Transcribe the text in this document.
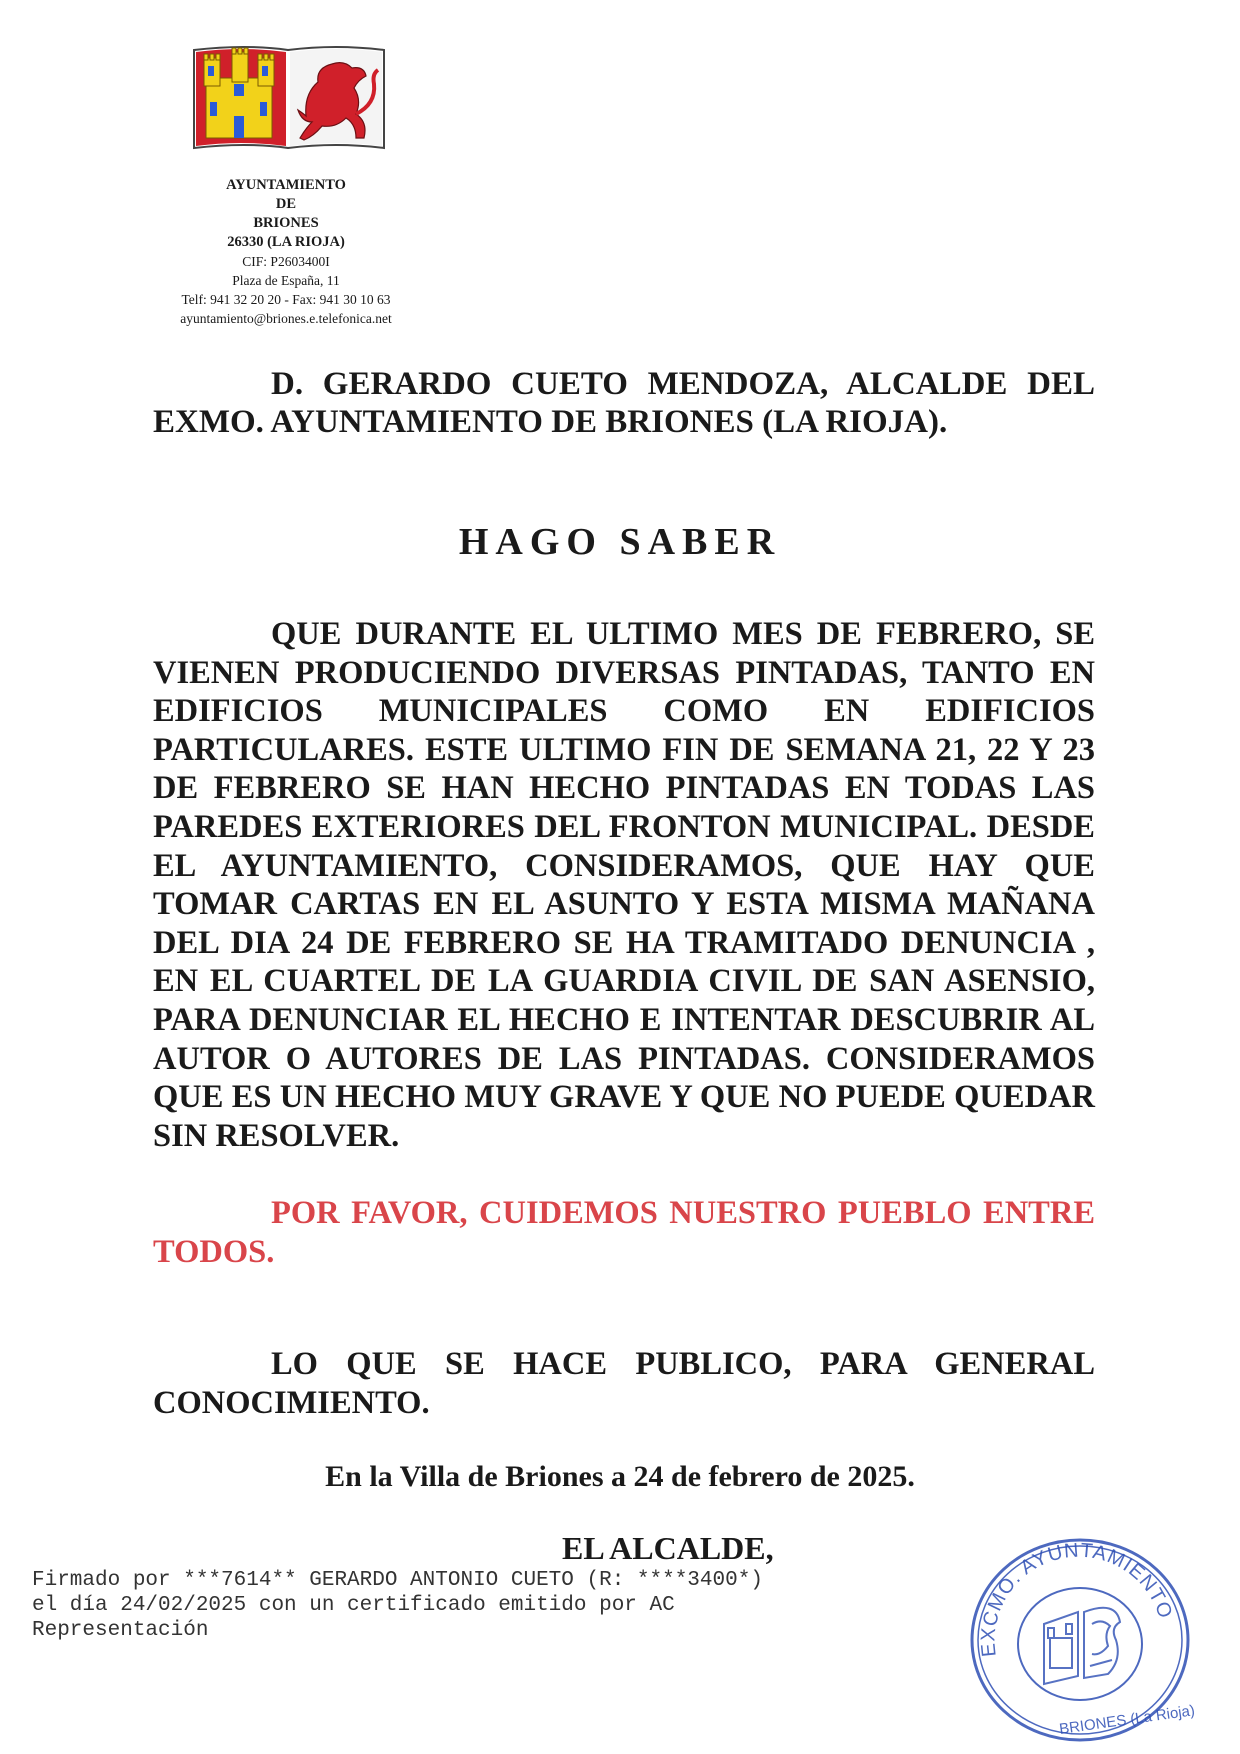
AYUNTAMIENTO
DE
BRIONES
26330 (LA RIOJA)
CIF: P2603400I
Plaza de España, 11
Telf: 941 32 20 20 - Fax: 941 30 10 63
ayuntamiento@briones.e.telefonica.net
D. GERARDO CUETO MENDOZA, ALCALDE DEL
EXMO. AYUNTAMIENTO DE BRIONES (LA RIOJA).
HAGO SABER
QUE DURANTE EL ULTIMO MES DE FEBRERO, SE VIENEN PRODUCIENDO DIVERSAS PINTADAS, TANTO EN EDIFICIOS MUNICIPALES COMO EN EDIFICIOS PARTICULARES. ESTE ULTIMO FIN DE SEMANA 21, 22 Y 23 DE FEBRERO SE HAN HECHO PINTADAS EN TODAS LAS PAREDES EXTERIORES DEL FRONTON MUNICIPAL. DESDE EL AYUNTAMIENTO, CONSIDERAMOS, QUE HAY QUE TOMAR CARTAS EN EL ASUNTO Y ESTA MISMA MAÑANA DEL DIA 24 DE FEBRERO SE HA TRAMITADO DENUNCIA , EN EL CUARTEL DE LA GUARDIA CIVIL DE SAN ASENSIO, PARA DENUNCIAR EL HECHO E INTENTAR DESCUBRIR AL AUTOR O AUTORES DE LAS PINTADAS. CONSIDERAMOS QUE ES UN HECHO MUY GRAVE Y QUE NO PUEDE QUEDAR SIN RESOLVER.
POR FAVOR, CUIDEMOS NUESTRO PUEBLO ENTRE TODOS.
LO QUE SE HACE PUBLICO, PARA GENERAL CONOCIMIENTO.
En la Villa de Briones a 24 de febrero de 2025.
EL ALCALDE,
Firmado por ***7614** GERARDO ANTONIO CUETO (R: ****3400*)
el día 24/02/2025 con un certificado emitido por AC
Representación
EXCMO. AYUNTAMIENTO
BRIONES (La Rioja)
